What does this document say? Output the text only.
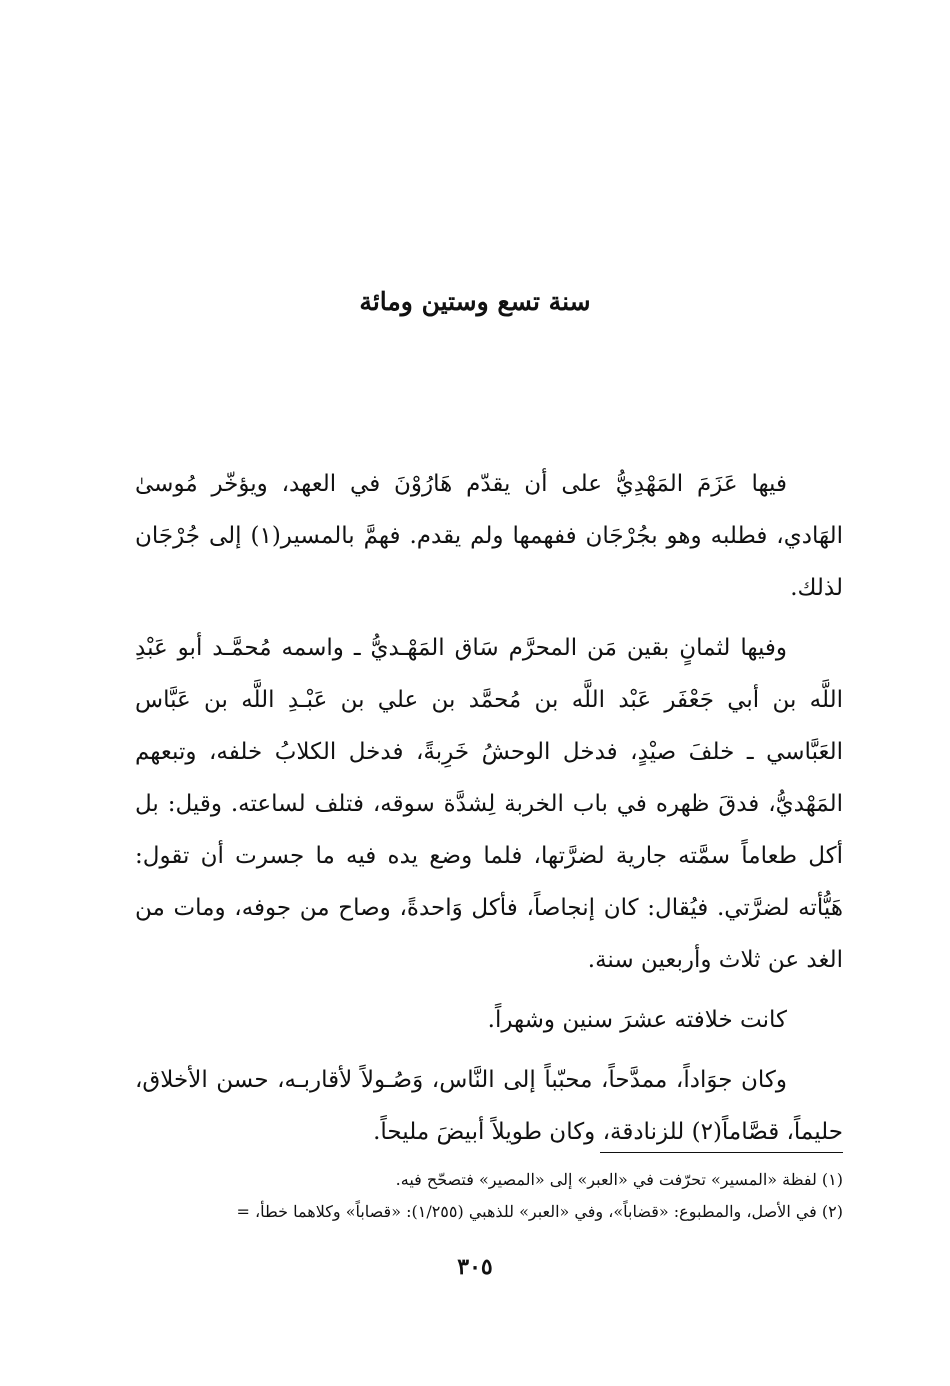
سنة تسع وستين ومائة

فيها عَزَمَ المَهْدِيُّ على أن يقدّم هَارُوْنَ في العهد، ويؤخّر مُوسىٰ الهَادي، فطلبه وهو بجُرْجَان ففهمها ولم يقدم. فهمَّ بالمسير(١) إلى جُرْجَان لذلك.

وفيها لثمانٍ بقين مَن المحرَّم سَاق المَهْـديُّ ـ واسمه مُحمَّـد أبو عَبْدِ اللَّه بن أبي جَعْفَر عَبْد اللَّه بن مُحمَّد بن علي بن عَبْـدِ اللَّه بن عَبَّاس العَبَّاسي ـ خلفَ صيْدٍ، فدخل الوحشُ خَرِبةً، فدخل الكلابُ خلفه، وتبعهم المَهْديُّ، فدقَ ظهره في باب الخربة لِشدَّة سوقه، فتلف لساعته. وقيل: بل أكل طعاماً سمَّته جارية لضرَّتها، فلما وضع يده فيه ما جسرت أن تقول: هَيُّأته لضرَّتي. فيُقال: كان إنجاصاً، فأكل وَاحدةً، وصاح من جوفه، ومات من الغد عن ثلاث وأربعين سنة.

كانت خلافته عشرَ سنين وشهراً.

وكان جوَاداً، ممدَّحاً، محبّباً إلى النَّاس، وَصُـولاً لأقاربـه، حسن الأخلاق، حليماً، قصَّاماً(٢) للزنادقة، وكان طويلاً أبيضَ مليحاً.

(١) لفظة «المسير» تحرّفت في «العبر» إلى «المصير» فتصحّح فيه.

(٢) في الأصل، والمطبوع: «قضاباً»، وفي «العبر» للذهبي (١/٢٥٥): «قصاباً» وكلاهما خطأ، =

٣٠٥
